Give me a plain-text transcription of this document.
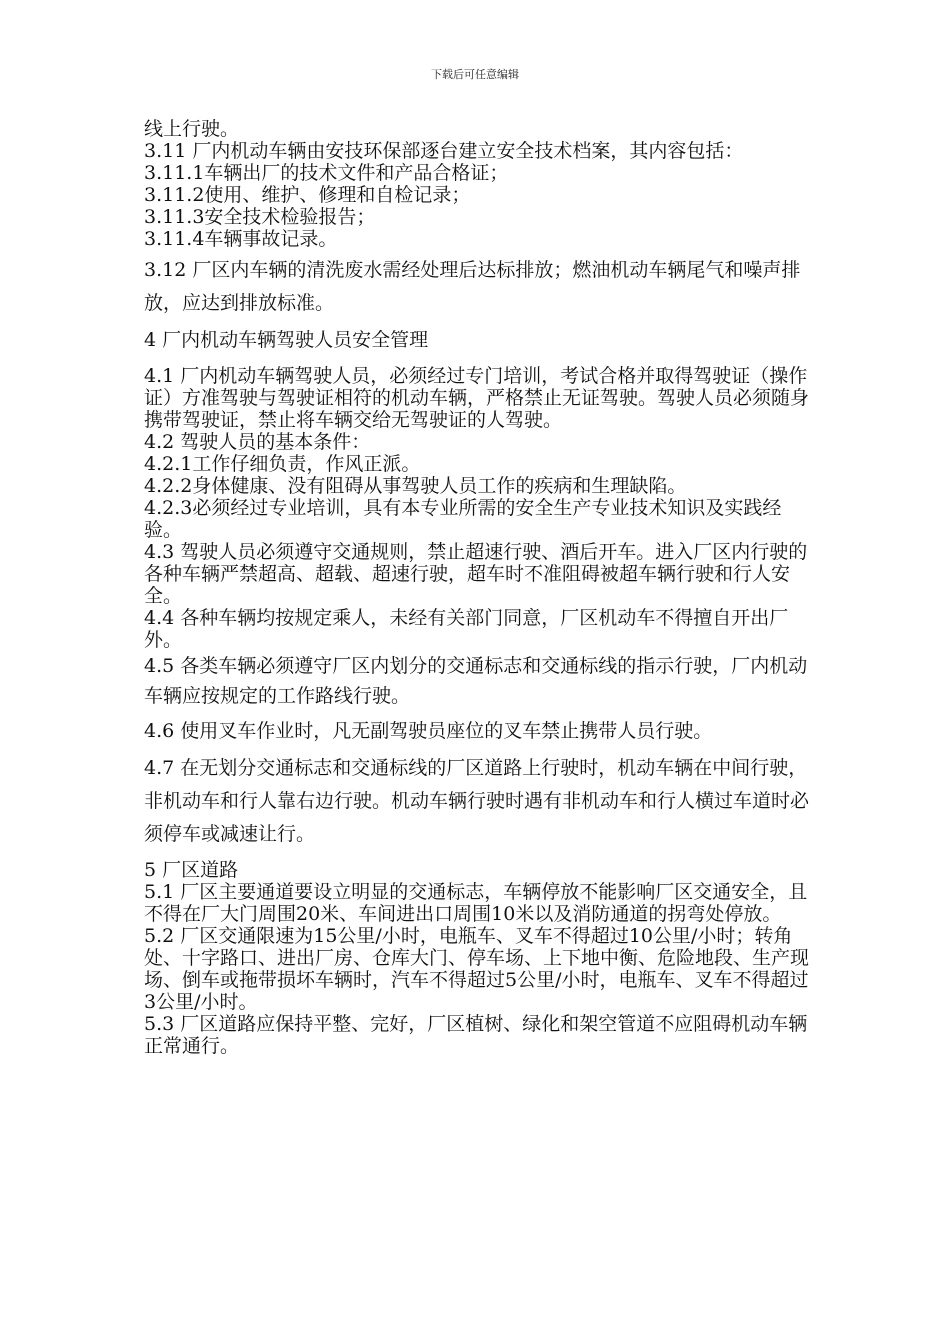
下载后可任意编辑

线上行驶。

3.11 厂内机动车辆由安技环保部逐台建立安全技术档案，其内容包括：

3.11.1车辆出厂的技术文件和产品合格证；

3.11.2使用、维护、修理和自检记录；

3.11.3安全技术检验报告；

3.11.4车辆事故记录。

3.12 厂区内车辆的清洗废水需经处理后达标排放；燃油机动车辆尾气和噪声排放，应达到排放标准。

4 厂内机动车辆驾驶人员安全管理

4.1 厂内机动车辆驾驶人员，必须经过专门培训，考试合格并取得驾驶证（操作证）方准驾驶与驾驶证相符的机动车辆，严格禁止无证驾驶。驾驶人员必须随身携带驾驶证，禁止将车辆交给无驾驶证的人驾驶。

4.2 驾驶人员的基本条件：

4.2.1工作仔细负责，作风正派。

4.2.2身体健康、没有阻碍从事驾驶人员工作的疾病和生理缺陷。

4.2.3必须经过专业培训，具有本专业所需的安全生产专业技术知识及实践经验。

4.3 驾驶人员必须遵守交通规则，禁止超速行驶、酒后开车。进入厂区内行驶的各种车辆严禁超高、超载、超速行驶，超车时不准阻碍被超车辆行驶和行人安全。

4.4 各种车辆均按规定乘人，未经有关部门同意，厂区机动车不得擅自开出厂外。

4.5 各类车辆必须遵守厂区内划分的交通标志和交通标线的指示行驶，厂内机动车辆应按规定的工作路线行驶。

4.6 使用叉车作业时，凡无副驾驶员座位的叉车禁止携带人员行驶。

4.7 在无划分交通标志和交通标线的厂区道路上行驶时，机动车辆在中间行驶，非机动车和行人靠右边行驶。机动车辆行驶时遇有非机动车和行人横过车道时必须停车或减速让行。

5 厂区道路

5.1 厂区主要通道要设立明显的交通标志，车辆停放不能影响厂区交通安全，且不得在厂大门周围20米、车间进出口周围10米以及消防通道的拐弯处停放。

5.2 厂区交通限速为15公里/小时，电瓶车、叉车不得超过10公里/小时；转角处、十字路口、进出厂房、仓库大门、停车场、上下地中衡、危险地段、生产现场、倒车或拖带损坏车辆时，汽车不得超过5公里/小时，电瓶车、叉车不得超过3公里/小时。

5.3 厂区道路应保持平整、完好，厂区植树、绿化和架空管道不应阻碍机动车辆正常通行。
